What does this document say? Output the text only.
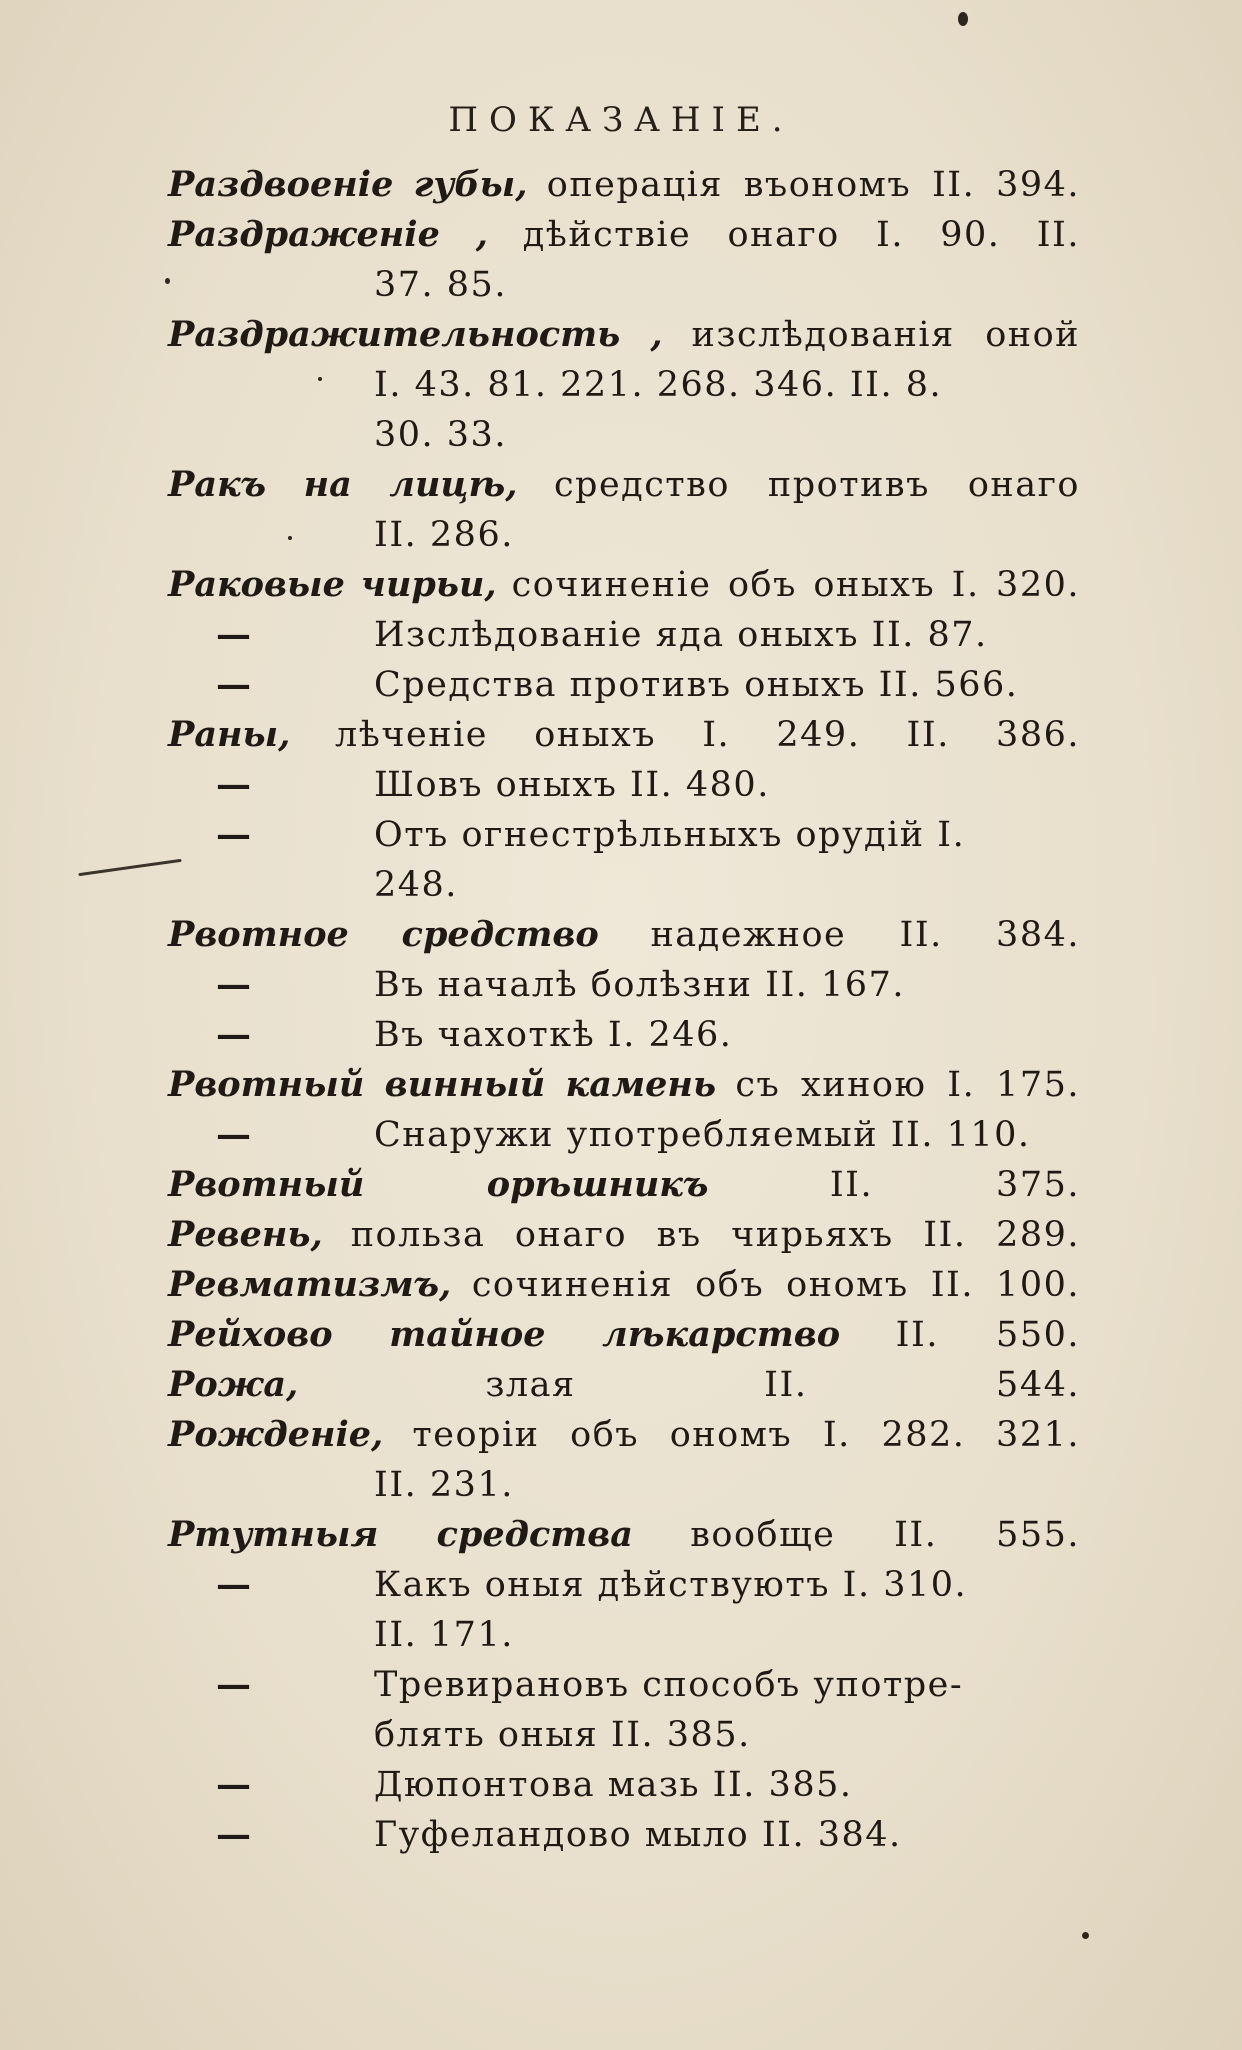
ПОКАЗАНІЕ.
Раздвоеніе губы, операція въономъ II. 394.
Раздраженіе , дѣйствіе онаго I. 90. II.
37. 85.
Раздражительность , изслѣдованія оной
I. 43. 81. 221. 268. 346. II. 8.
30. 33.
Ракъ на лицѣ, средство противъ онаго
II. 286.
Раковые чирьи, сочиненіе объ оныхъ I. 320.
—	Изслѣдованіе яда оныхъ II. 87.
—	Средства противъ оныхъ II. 566.
Раны, лѣченіе оныхъ I. 249. II. 386.
—	Шовъ оныхъ II. 480.
—	Отъ огнестрѣльныхъ орудій I.
248.
Рвотное средство надежное II. 384.
—	Въ началѣ болѣзни II. 167.
—	Въ чахоткѣ I. 246.
Рвотный винный камень съ хиною I. 175.
—	Снаружи употребляемый II. 110.
Рвотный орѣшникъ	II. 375.
Ревень, польза онаго въ чирьяхъ II. 289.
Ревматизмъ, сочиненія объ ономъ II. 100.
Рейхово тайное лѣкарство II. 550.
Рожа,	злая II. 544.
Рожденіе, теоріи объ ономъ I. 282. 321.
II. 231.
Ртутныя средства вообще II. 555.
—	Какъ оныя дѣйствуютъ I. 310.
II. 171.
—	Тревирановъ способъ употре-
блять оныя II. 385.
—	Дюпонтова мазь II. 385.
—	Гуфеландово мыло II. 384.
